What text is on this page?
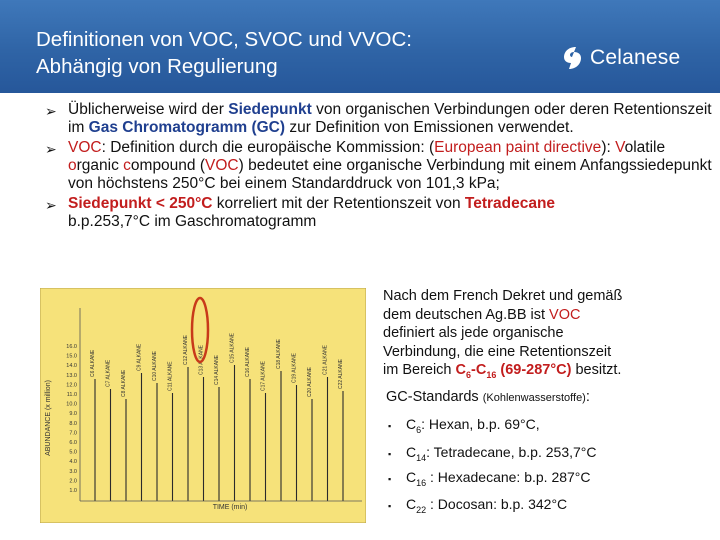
Definitionen von VOC, SVOC und VVOC:
Abhängig von Regulierung	Celanese
➢ Üblicherweise wird der Siedepunkt von organischen Verbindungen oder deren Retentionszeit im Gas Chromatogramm (GC) zur Definition von Emissionen verwendet.
➢ VOC: Definition durch die europäische Kommission: (European paint directive): Volatile organic compound (VOC) bedeutet eine organische Verbindung mit einem Anfangssiedepunkt von höchstens 250°C bei einem Standarddruck von 101,3 kPa;
➢ Siedepunkt < 250°C korreliert mit der Retentionszeit von Tetradecane
b.p.253,7°C im Gaschromatogramm
ABUNDANCE (x million)
TIME (min)
16.0
15.0
14.0
13.0
12.0
11.0
10.0
9.0
8.0
7.0
6.0
5.0
4.0
3.0
2.0
1.0
C6 ALKANE C7 ALKANE C8 ALKANE
C9 ALKANE C10 ALKANE C11 ALKANE
C12 ALKANE C13 ALKANE C14 ALKANE
C15 ALKANE C16 ALKANE C17 ALKANE
C18 ALKANE C19 ALKANE C20 ALKANE
C21 ALKANE C22 ALKANE
Nach dem French Dekret und gemäß
dem deutschen Ag.BB ist VOC
definiert als jede organische
Verbindung, die eine Retentionszeit
im Bereich $C_6-C_{16}$ (69-287°C) besitzt.
GC-Standards (Kohlenwasserstoffe):
▪ $C_6$: Hexan, b.p. 69°C,
▪ $C_{14}$: Tetradecane, b.p. 253,7°C
▪ $C_{16}$ : Hexadecane: b.p. 287°C
▪ $C_{22}$ : Docosan: b.p. 342°C
